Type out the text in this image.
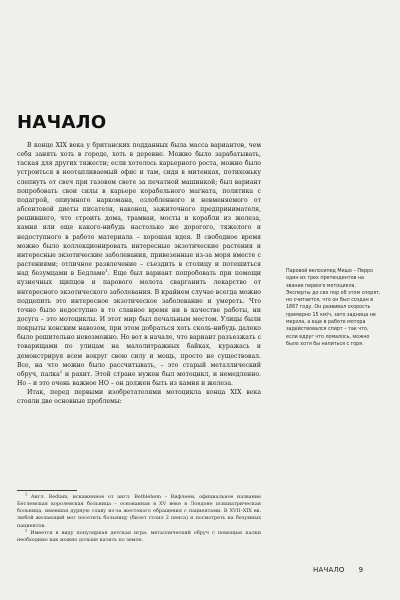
НАЧАЛО

В конце XIX века у британских подданных была масса вариантов, чем себя занять хоть в городе, хоть в деревне. Можно было зарабатывать, таская для других тяжести; если хотелось карьерного роста, можно было устроиться в неотапливаемый офис и там, сидя в митенках, потихоньку слепнуть от свеч при газовом свете за печатной машинкой; был вариант попробовать свои силы в карьере корабельного магната, политика с подагрой, опиумного наркомана, озлобленного и невменяемого от абсентовой диеты писателя, наконец, зажиточного предпринимателя, решившего, что строить дома, трамваи, мосты и корабли из железа, камня или еще какого-нибудь настолько же дорогого, тяжелого и недоступного в работе материала – хорошая идея. В свободное время можно было коллекционировать интересные экзотические растения и интересные экзотические заболевания, привезенные из-за моря вместе с растениями; отличное развлечение – съездить в столицу и потешиться над безумцами в Бедламе$^1$. Еще был вариант попробовать при помощи кузнечных щипцов и парового молота сварганить лекарство от интересного экзотического заболевания. В крайнем случае всегда можно подцепить это интересное экзотическое заболевание и умереть. Что точно было недоступно в то славное время ни в качестве работы, ни досуга – это мотоциклы. И этот мир был печальным местом. Улицы были покрыты конским навозом, при этом добраться хоть сколь-нибудь далеко было решительно невозможно. Но вот в начале, что вариант разъезжать с товарищами по улицам на малолитражных байках, куражась и демонстрируя всем вокруг свою силу и мощь, просто не существовал. Все, на что можно было рассчитывать, – это старый металлический обруч, палка$^2$ и рахит. Этой стране нужен был мотоцикл, и немедленно. Но – и это очень важное НО – он должен быть из камня и железа.

Итак, перед первыми изобретателями мотоцикла конца XIX века стояли две основные проблемы:

$^1$ Англ. Bedlam, искаженное от англ. Bethlehem – Вифлеем, официальное название Бетлемская королевская больница – основанная в XV веке в Лондоне психиатрическая больница, имевшая дурную славу из-за жестокого обращения с пациентами. В XVII–XIX вв. любой желающий мог посетить больницу (билет стоил 2 пенса) и посмотреть на безумных пациентов.

$^2$ Имеется в виду популярная детская игра: металлический обруч с помощью палки необходимо как можно дольше катить по земле.

Паровой велосипед Мишо – Перро один из трех претендентов на звание первого мотоцикла. Эксперты до сих пор об этом спорят, но считается, что он был создан в 1867 году. Он развивал скорость примерно 15 км/ч, зато задница не мерзла, а еще в работе мотора задействовался спирт – так что, если вдруг что ломалось, можно было хотя бы напиться с горя.
НАЧАЛО 9
